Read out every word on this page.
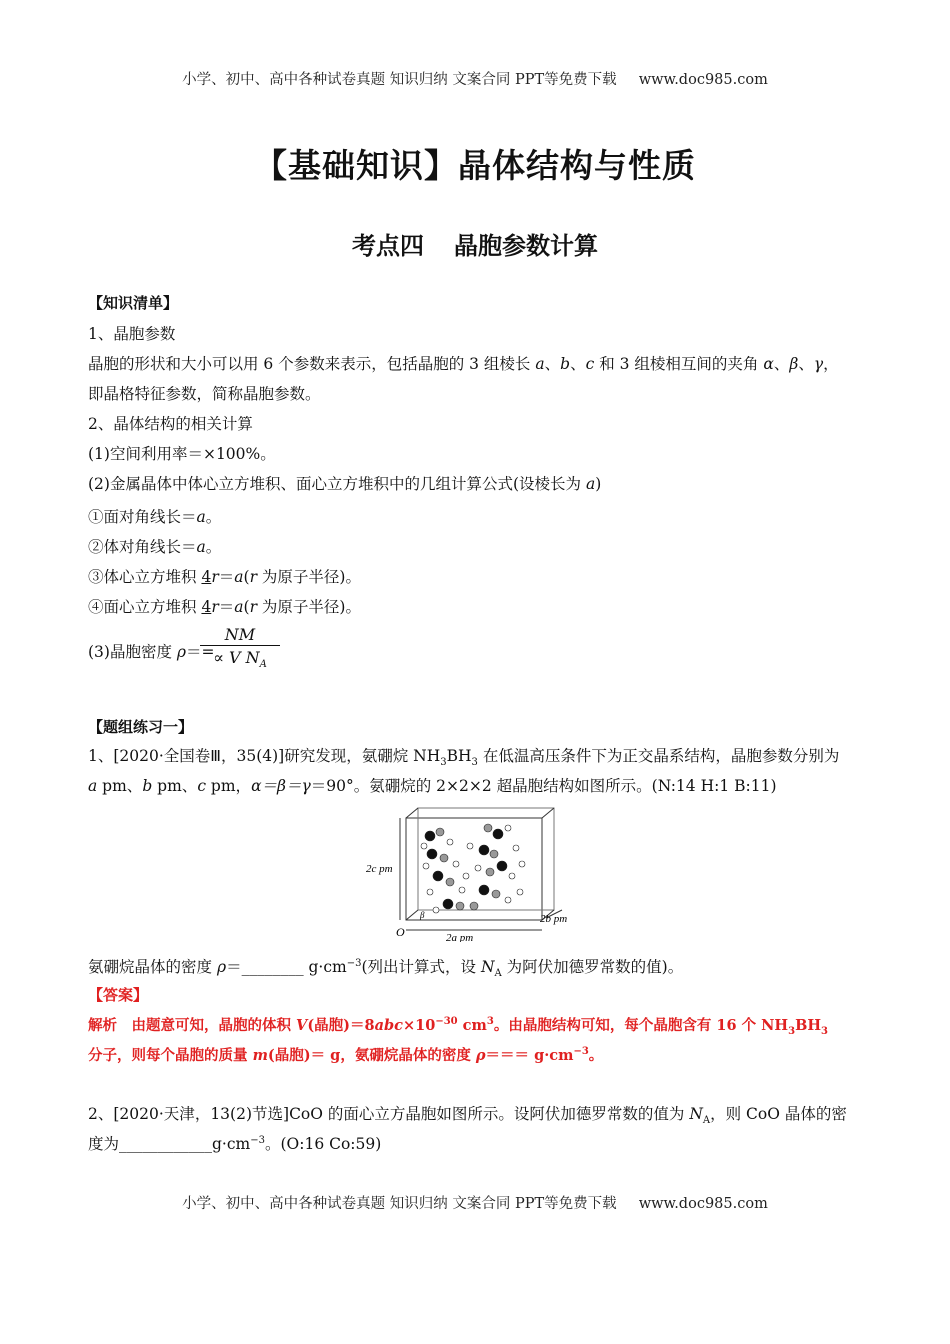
小学、初中、高中各种试卷真题 知识归纳 文案合同 PPT等免费下载 www.doc985.com
【基础知识】晶体结构与性质
考点四 晶胞参数计算
【知识清单】
1、晶胞参数
晶胞的形状和大小可以用 6 个参数来表示，包括晶胞的 3 组棱长 a、b、c 和 3 组棱相互间的夹角 α、β、γ，
即晶格特征参数，简称晶胞参数。
2、晶体结构的相关计算
(1)空间利用率＝×100%。
(2)金属晶体中体心立方堆积、面心立方堆积中的几组计算公式(设棱长为 a)
①面对角线长＝a。
②体对角线长＝a。
③体心立方堆积 4r＝a(r 为原子半径)。
④面心立方堆积 4r＝a(r 为原子半径)。
(3)晶胞密度 ρ＝=
$\frac{NM}{\propto V N_A}$
【题组练习一】
1、[2020·全国卷Ⅲ，35(4)]研究发现，氨硼烷 $NH_3BH_3$ 在低温高压条件下为正交晶系结构，晶胞参数分别为
a pm、b pm、c pm，α＝β＝γ＝90°。氨硼烷的 2×2×2 超晶胞结构如图所示。(N:14 H:1 B:11)
2c pm
2a pm
2b pm
O
β
氨硼烷晶体的密度 ρ＝________ $g\cdot cm^{-3}$(列出计算式，设 $N_A$ 为阿伏加德罗常数的值)。
【答案】
解析　由题意可知，晶胞的体积 V(晶胞)$=8abc\times 10^{-30}$ $cm^3$。由晶胞结构可知，每个晶胞含有 16 个 $NH_3BH_3$
分子，则每个晶胞的质量 m(晶胞)＝ g，氨硼烷晶体的密度 $\rho=== g\cdot cm^{-3}$。
2、[2020·天津，13(2)节选]CoO 的面心立方晶胞如图所示。设阿伏加德罗常数的值为 $N_A$，则 CoO 晶体的密
度为$\_\_\_\_\_\_\_\_\_\_\_\_g\cdot cm^{-3}$。(O:16 Co:59)
小学、初中、高中各种试卷真题 知识归纳 文案合同 PPT等免费下载 www.doc985.com
